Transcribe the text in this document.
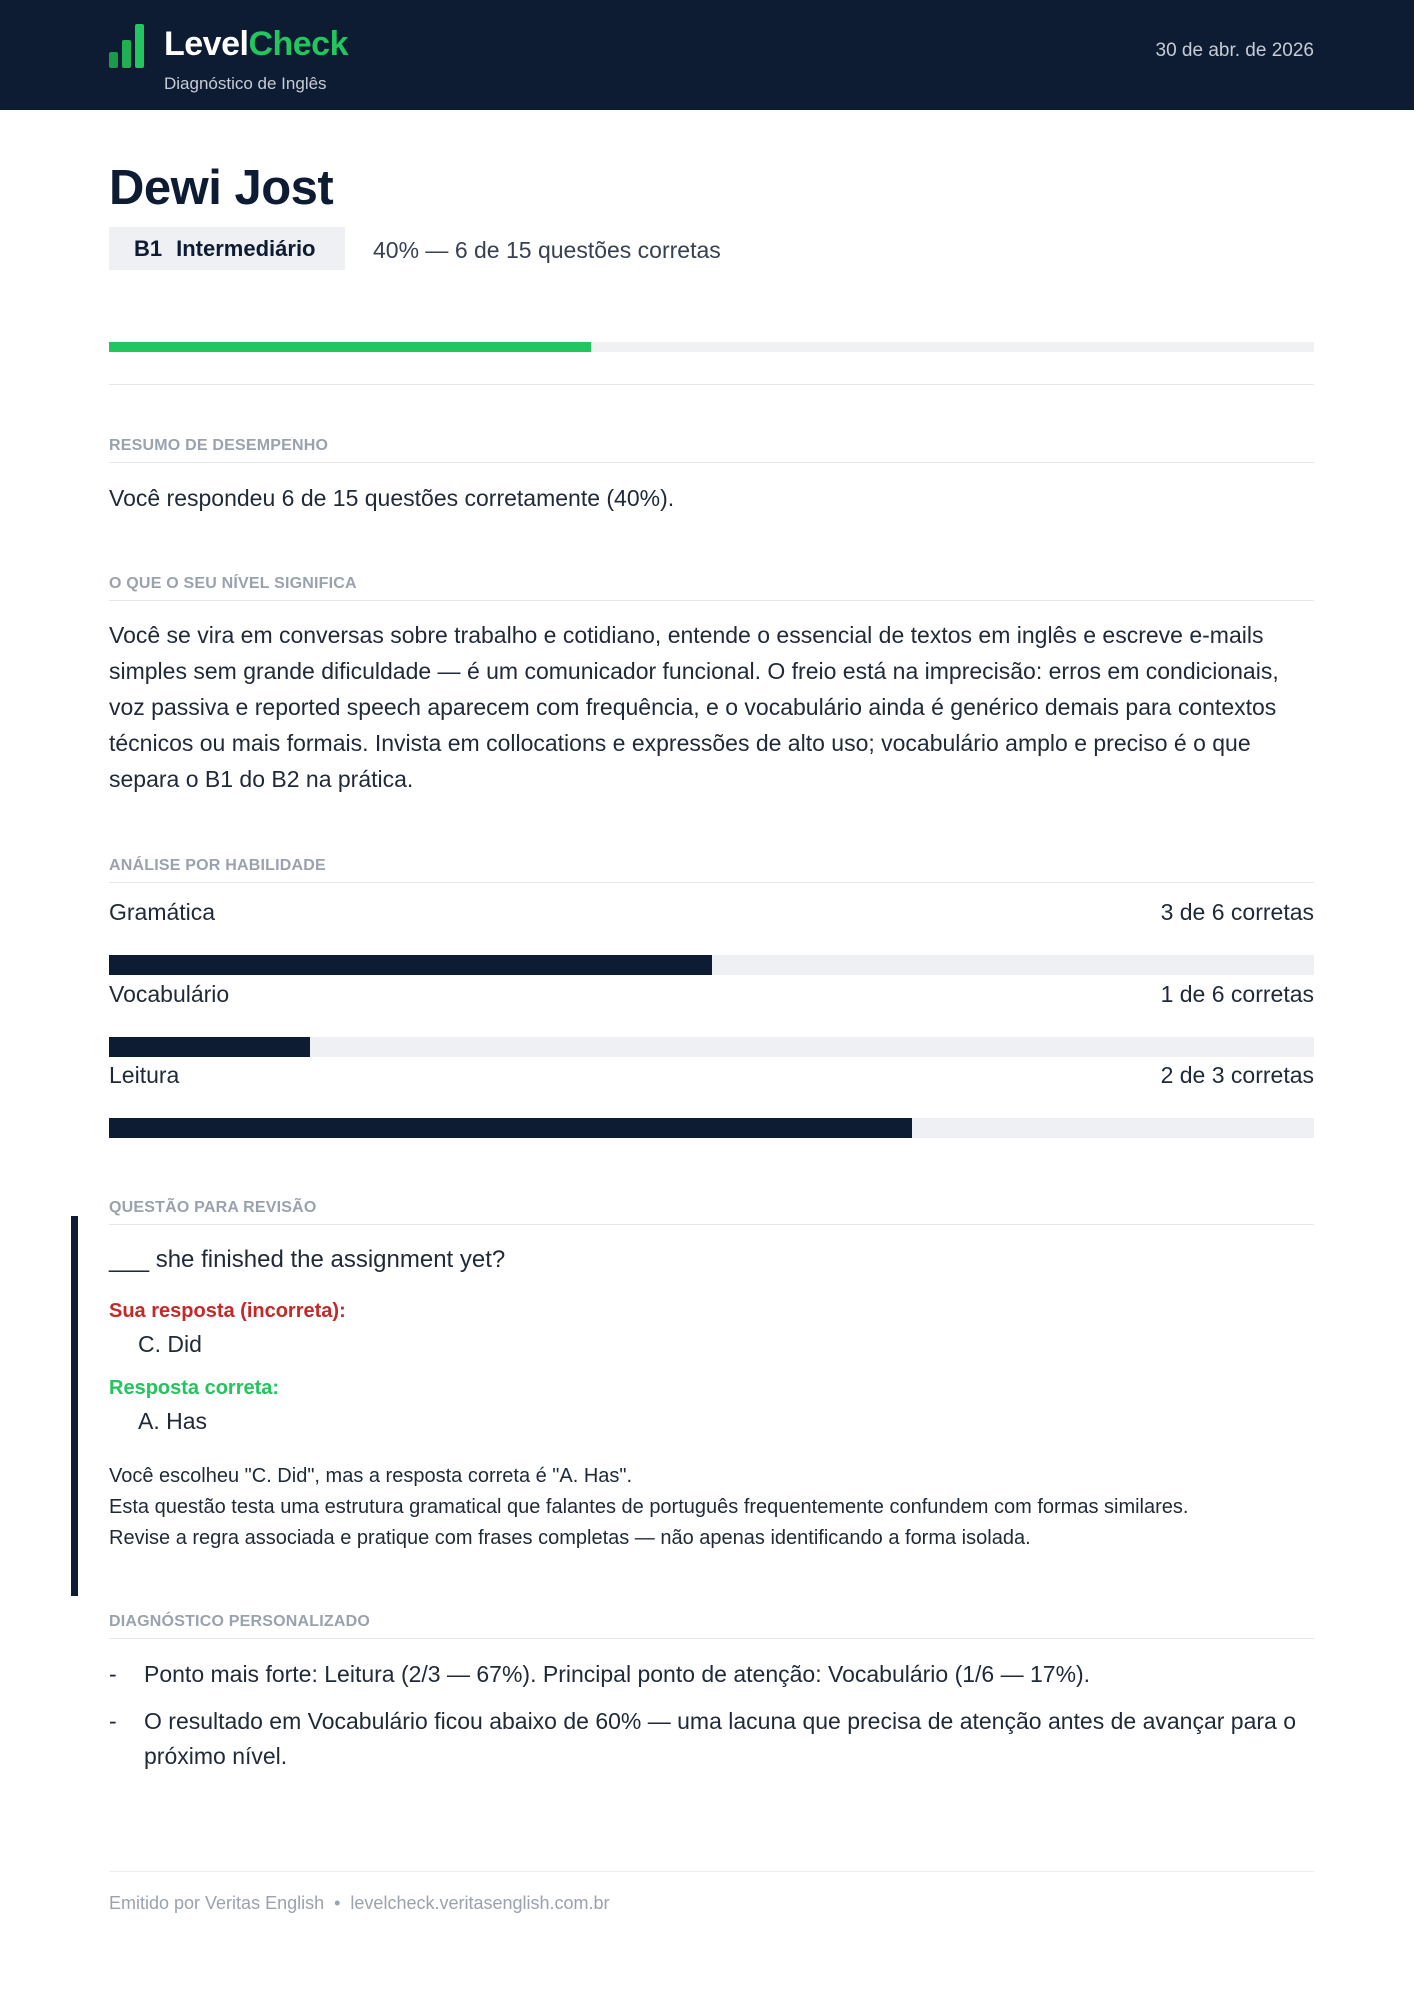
LevelCheck
Diagnóstico de Inglês
30 de abr. de 2026
Dewi Jost
B1 Intermediário	40% — 6 de 15 questões corretas
RESUMO DE DESEMPENHO
Você respondeu 6 de 15 questões corretamente (40%).
O QUE O SEU NÍVEL SIGNIFICA
Você se vira em conversas sobre trabalho e cotidiano, entende o essencial de textos em inglês e escreve e-mails simples sem grande dificuldade — é um comunicador funcional. O freio está na imprecisão: erros em condicionais, voz passiva e reported speech aparecem com frequência, e o vocabulário ainda é genérico demais para contextos técnicos ou mais formais. Invista em collocations e expressões de alto uso; vocabulário amplo e preciso é o que separa o B1 do B2 na prática.
ANÁLISE POR HABILIDADE
Gramática	3 de 6 corretas
Vocabulário	1 de 6 corretas
Leitura	2 de 3 corretas
QUESTÃO PARA REVISÃO
___ she finished the assignment yet?
Sua resposta (incorreta):
C. Did
Resposta correta:
A. Has
Você escolheu "C. Did", mas a resposta correta é "A. Has".
Esta questão testa uma estrutura gramatical que falantes de português frequentemente confundem com formas similares.
Revise a regra associada e pratique com frases completas — não apenas identificando a forma isolada.
DIAGNÓSTICO PERSONALIZADO
- Ponto mais forte: Leitura (2/3 — 67%). Principal ponto de atenção: Vocabulário (1/6 — 17%).
- O resultado em Vocabulário ficou abaixo de 60% — uma lacuna que precisa de atenção antes de avançar para o próximo nível.
Emitido por Veritas English • levelcheck.veritasenglish.com.br
